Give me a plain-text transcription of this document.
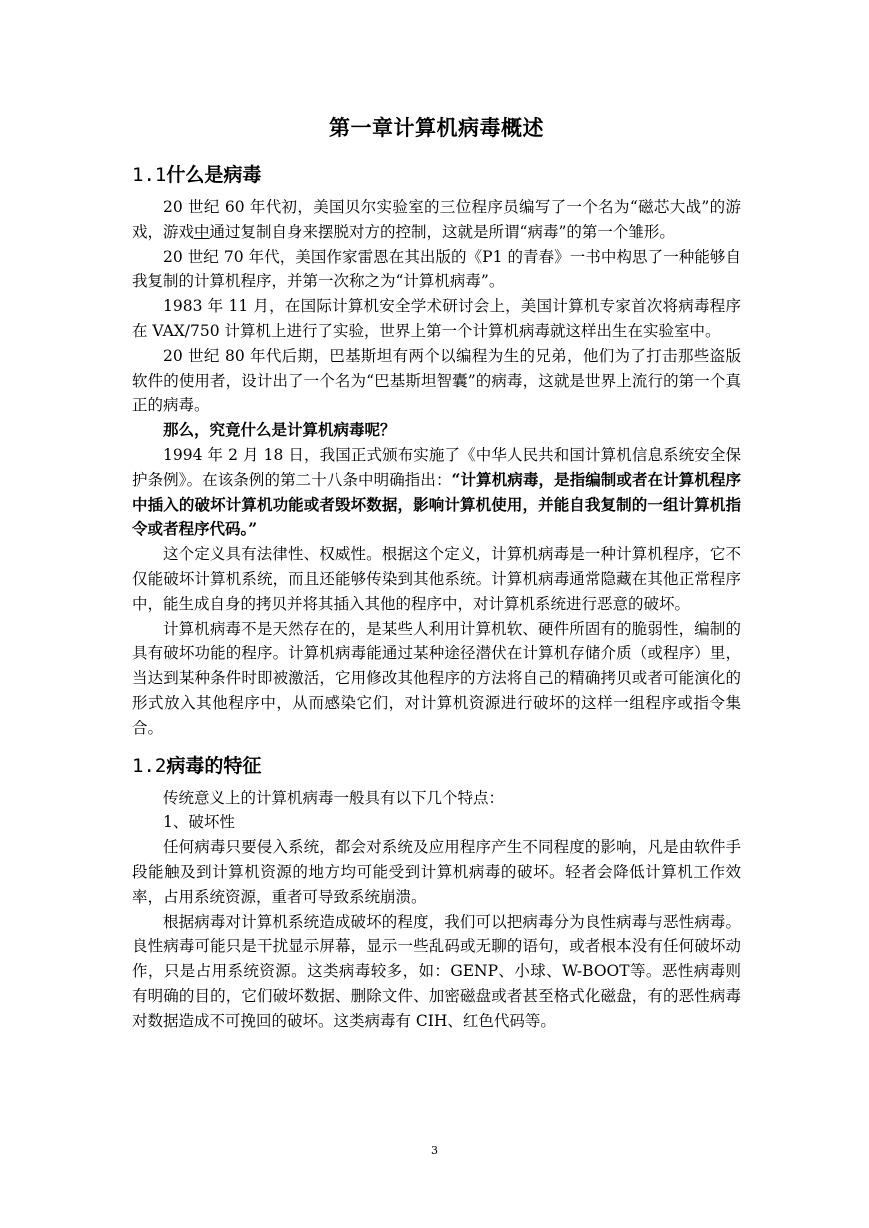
第一章计算机病毒概述
1.1什么是病毒

20 世纪 60 年代初，美国贝尔实验室的三位程序员编写了一个名为“磁芯大战”的游戏，游戏中通过复制自身来摆脱对方的控制，这就是所谓“病毒”的第一个雏形。

20 世纪 70 年代，美国作家雷恩在其出版的《P1 的青春》一书中构思了一种能够自我复制的计算机程序，并第一次称之为“计算机病毒”。

1983 年 11 月，在国际计算机安全学术研讨会上，美国计算机专家首次将病毒程序在 VAX/750 计算机上进行了实验，世界上第一个计算机病毒就这样出生在实验室中。

20 世纪 80 年代后期，巴基斯坦有两个以编程为生的兄弟，他们为了打击那些盗版软件的使用者，设计出了一个名为“巴基斯坦智囊”的病毒，这就是世界上流行的第一个真正的病毒。

那么，究竟什么是计算机病毒呢？

1994 年 2 月 18 日，我国正式颁布实施了《中华人民共和国计算机信息系统安全保护条例》。在该条例的第二十八条中明确指出：“计算机病毒，是指编制或者在计算机程序中插入的破坏计算机功能或者毁坏数据，影响计算机使用，并能自我复制的一组计算机指令或者程序代码。”

这个定义具有法律性、权威性。根据这个定义，计算机病毒是一种计算机程序，它不仅能破坏计算机系统，而且还能够传染到其他系统。计算机病毒通常隐藏在其他正常程序中，能生成自身的拷贝并将其插入其他的程序中，对计算机系统进行恶意的破坏。

计算机病毒不是天然存在的，是某些人利用计算机软、硬件所固有的脆弱性，编制的具有破坏功能的程序。计算机病毒能通过某种途径潜伏在计算机存储介质（或程序）里，当达到某种条件时即被激活，它用修改其他程序的方法将自己的精确拷贝或者可能演化的形式放入其他程序中，从而感染它们，对计算机资源进行破坏的这样一组程序或指令集合。

1.2病毒的特征

传统意义上的计算机病毒一般具有以下几个特点：

1、破坏性

任何病毒只要侵入系统，都会对系统及应用程序产生不同程度的影响，凡是由软件手段能触及到计算机资源的地方均可能受到计算机病毒的破坏。轻者会降低计算机工作效率，占用系统资源，重者可导致系统崩溃。

根据病毒对计算机系统造成破坏的程度，我们可以把病毒分为良性病毒与恶性病毒。良性病毒可能只是干扰显示屏幕，显示一些乱码或无聊的语句，或者根本没有任何破坏动作，只是占用系统资源。这类病毒较多，如：GENP、小球、W-BOOT等。恶性病毒则有明确的目的，它们破坏数据、删除文件、加密磁盘或者甚至格式化磁盘，有的恶性病毒对数据造成不可挽回的破坏。这类病毒有 CIH、红色代码等。

3
